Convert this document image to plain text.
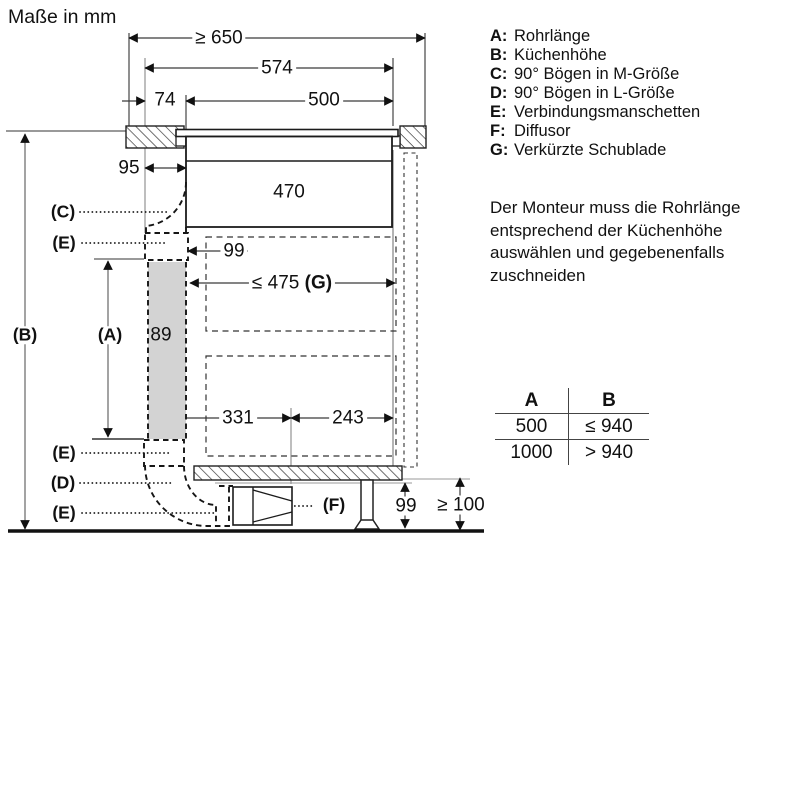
Maße in mm
≥ 650
574
74	500
95
470
99
≤ 475 (G)
89
331	243
99 ≥ 100
(C)
(E)
(B)	(A)
(E)
(D)
(E)	(F)
A: Rohrlänge
B: Küchenhöhe
C: 90° Bögen in M-Größe
D: 90° Bögen in L-Größe
E: Verbindungsmanschetten
F: Diffusor
G: Verkürzte Schublade
Der Monteur muss die Rohrlänge
entsprechend der Küchenhöhe
auswählen und gegebenenfalls
zuschneiden
A	B
500	≤ 940
1000	> 940
